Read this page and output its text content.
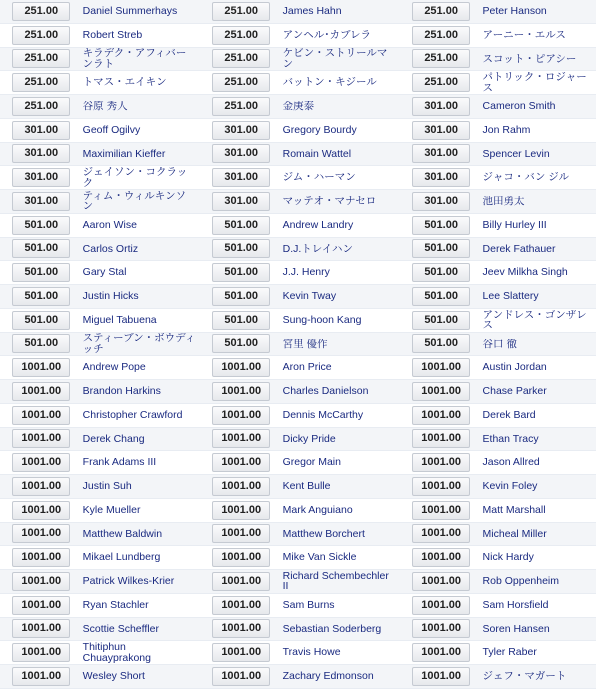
	251.00	Daniel Summerhays		251.00	James Hahn		251.00	Peter Hanson

	251.00	Robert Streb		251.00	アンヘル･カブレラ		251.00	アーニー・エルス

	251.00	キラデク・アフィバーンラト		251.00	ケビン・ストリールマン		251.00	スコット・ピアシー

	251.00	トマス・エイキン		251.00	バットン・キジール		251.00	パトリック・ロジャース

	251.00	谷原 秀人		251.00	金庚泰		301.00	Cameron Smith

	301.00	Geoff Ogilvy		301.00	Gregory Bourdy		301.00	Jon Rahm

	301.00	Maximilian Kieffer		301.00	Romain Wattel		301.00	Spencer Levin

	301.00	ジェイソン・コクラック		301.00	ジム・ハーマン		301.00	ジャコ・バン ジル

	301.00	ティム・ウィルキンソン		301.00	マッテオ・マナセロ		301.00	池田勇太

	501.00	Aaron Wise		501.00	Andrew Landry		501.00	Billy Hurley III

	501.00	Carlos Ortiz		501.00	D.J.トレイハン		501.00	Derek Fathauer

	501.00	Gary Stal		501.00	J.J. Henry		501.00	Jeev Milkha Singh

	501.00	Justin Hicks		501.00	Kevin Tway		501.00	Lee Slattery

	501.00	Miguel Tabuena		501.00	Sung-hoon Kang		501.00	アンドレス・ゴンザレス

	501.00	スティーブン・ボウディッチ		501.00	宮里 優作		501.00	谷口 徹

	1001.00	Andrew Pope		1001.00	Aron Price		1001.00	Austin Jordan

	1001.00	Brandon Harkins		1001.00	Charles Danielson		1001.00	Chase Parker

	1001.00	Christopher Crawford		1001.00	Dennis McCarthy		1001.00	Derek Bard

	1001.00	Derek Chang		1001.00	Dicky Pride		1001.00	Ethan Tracy

	1001.00	Frank Adams III		1001.00	Gregor Main		1001.00	Jason Allred

	1001.00	Justin Suh		1001.00	Kent Bulle		1001.00	Kevin Foley

	1001.00	Kyle Mueller		1001.00	Mark Anguiano		1001.00	Matt Marshall

	1001.00	Matthew Baldwin		1001.00	Matthew Borchert		1001.00	Micheal Miller

	1001.00	Mikael Lundberg		1001.00	Mike Van Sickle		1001.00	Nick Hardy

	1001.00	Patrick Wilkes-Krier		1001.00	Richard Schembechler II		1001.00	Rob Oppenheim

	1001.00	Ryan Stachler		1001.00	Sam Burns		1001.00	Sam Horsfield

	1001.00	Scottie Scheffler		1001.00	Sebastian Soderberg		1001.00	Soren Hansen

	1001.00	Thitiphun Chuayprakong		1001.00	Travis Howe		1001.00	Tyler Raber

	1001.00	Wesley Short		1001.00	Zachary Edmonson		1001.00	ジェフ・マガート
